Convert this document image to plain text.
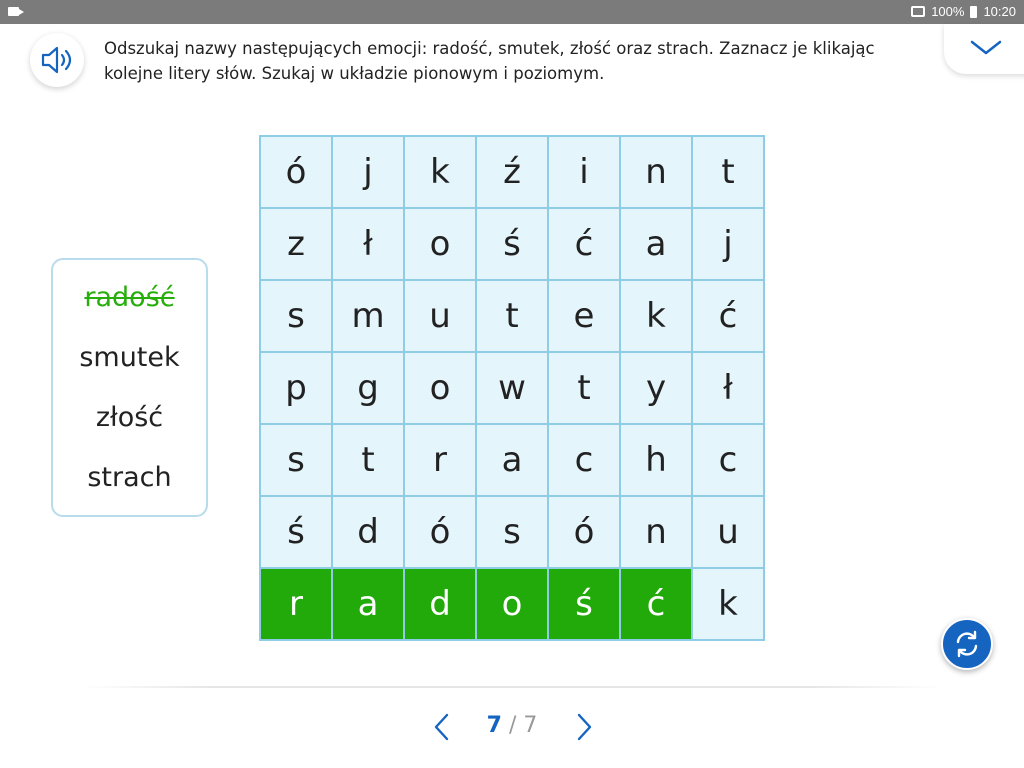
100% 10:20
Odszukaj nazwy następujących emocji: radość, smutek, złość oraz strach. Zaznacz je klikając kolejne litery słów. Szukaj w układzie pionowym i poziomym.
radość
smutek
złość
strach
ó	j	k	ź	i	n	t
z	ł	o	ś	ć	a	j
s	m	u	t	e	k	ć
p	g	o	w	t	y	ł
s	t	r	a	c	h	c
ś	d	ó	s	ó	n	u
r	a	d	o	ś	ć	k
7 / 7
